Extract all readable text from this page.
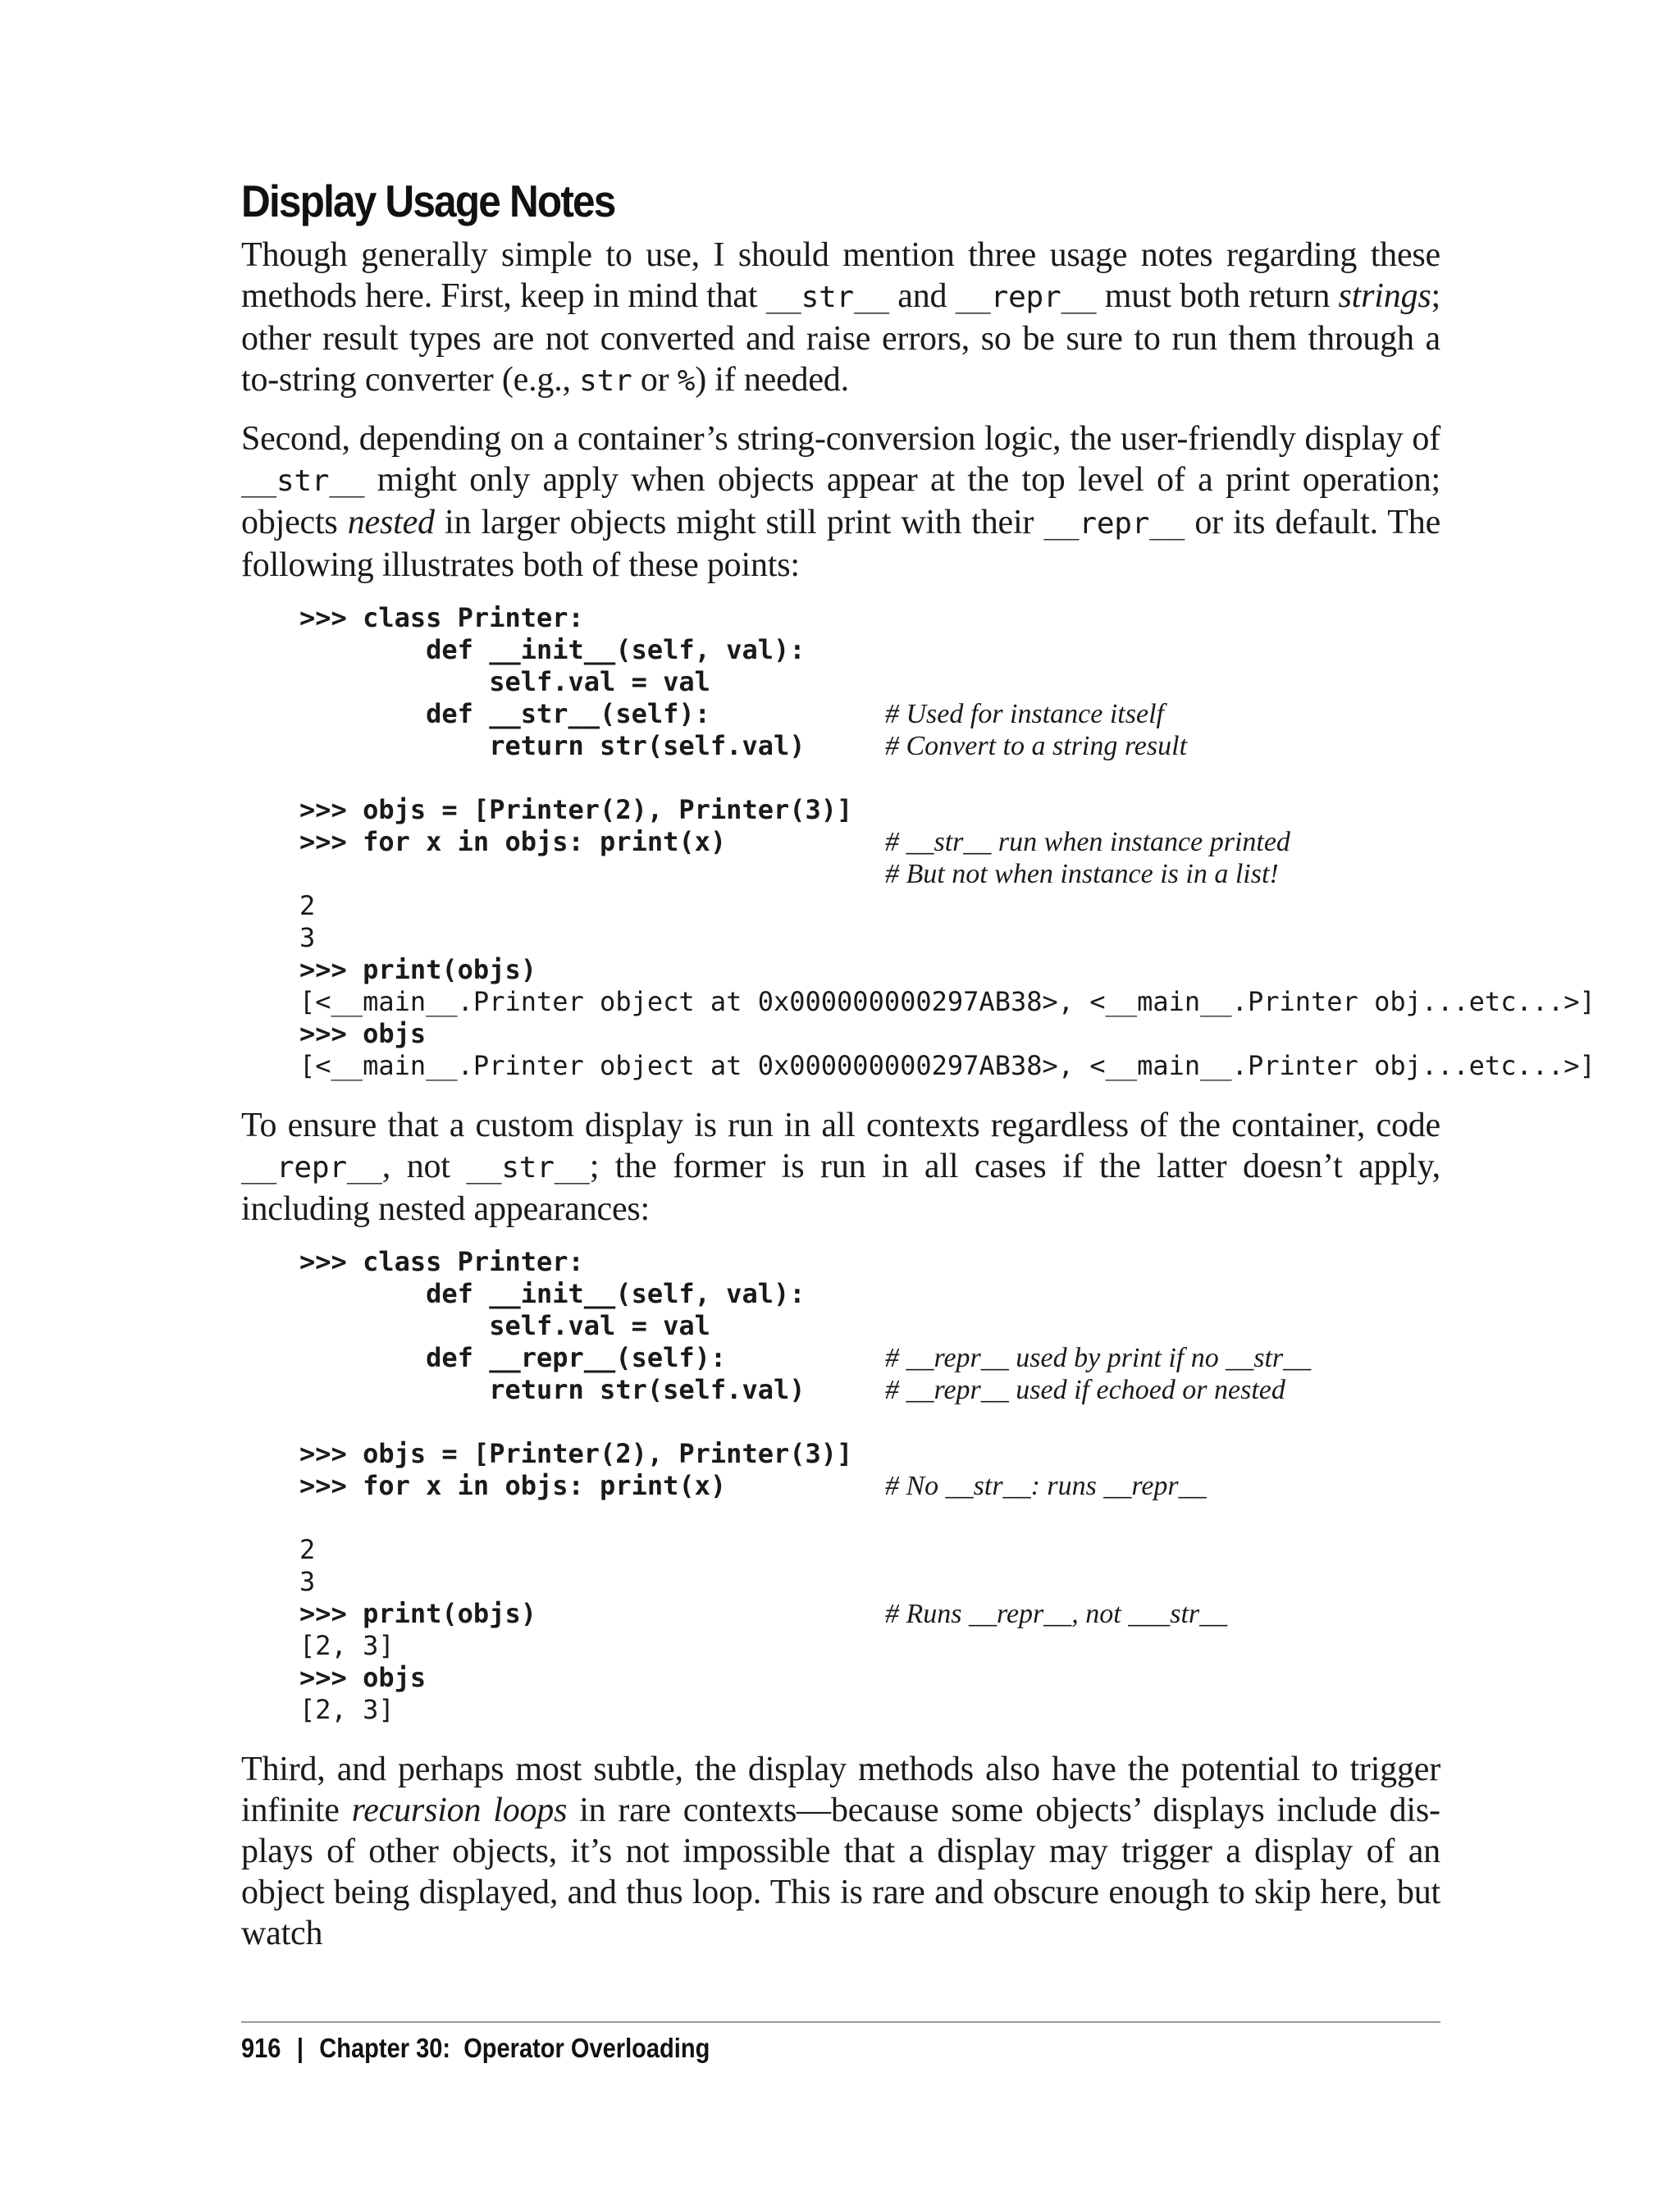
Display Usage Notes

Though generally simple to use, I should mention three usage notes regarding these methods here. First, keep in mind that __str__ and __repr__ must both return strings; other result types are not converted and raise errors, so be sure to run them through a to-string converter (e.g., str or %) if needed.

Second, depending on a container’s string-conversion logic, the user-friendly display of __str__ might only apply when objects appear at the top level of a print operation; objects nested in larger objects might still print with their __repr__ or its default. The following illustrates both of these points:

>>> class Printer:
def __init__(self, val):
self.val = val
def __str__(self):	# Used for instance itself
return str(self.val)	# Convert to a string result
>>> objs = [Printer(2), Printer(3)]
>>> for x in objs: print(x)	# __str__ run when instance printed
# But not when instance is in a list!
2
3
>>> print(objs)
[<__main__.Printer object at 0x000000000297AB38>, <__main__.Printer obj...etc...>]
>>> objs
[<__main__.Printer object at 0x000000000297AB38>, <__main__.Printer obj...etc...>]

To ensure that a custom display is run in all contexts regardless of the container, code __repr__, not __str__; the former is run in all cases if the latter doesn’t apply, including nested appearances:

>>> class Printer:
def __init__(self, val):
self.val = val
def __repr__(self):	# __repr__ used by print if no __str__
return str(self.val)	# __repr__ used if echoed or nested
>>> objs = [Printer(2), Printer(3)]
>>> for x in objs: print(x)	# No __str__: runs __repr__
2
3
>>> print(objs)	# Runs __repr__, not ___str__
[2, 3]
>>> objs
[2, 3]

Third, and perhaps most subtle, the display methods also have the potential to trigger infinite recursion loops in rare contexts—because some objects’ displays include displays of other objects, it’s not impossible that a display may trigger a display of an object being displayed, and thus loop. This is rare and obscure enough to skip here, but watch

916 | Chapter 30:  Operator Overloading
